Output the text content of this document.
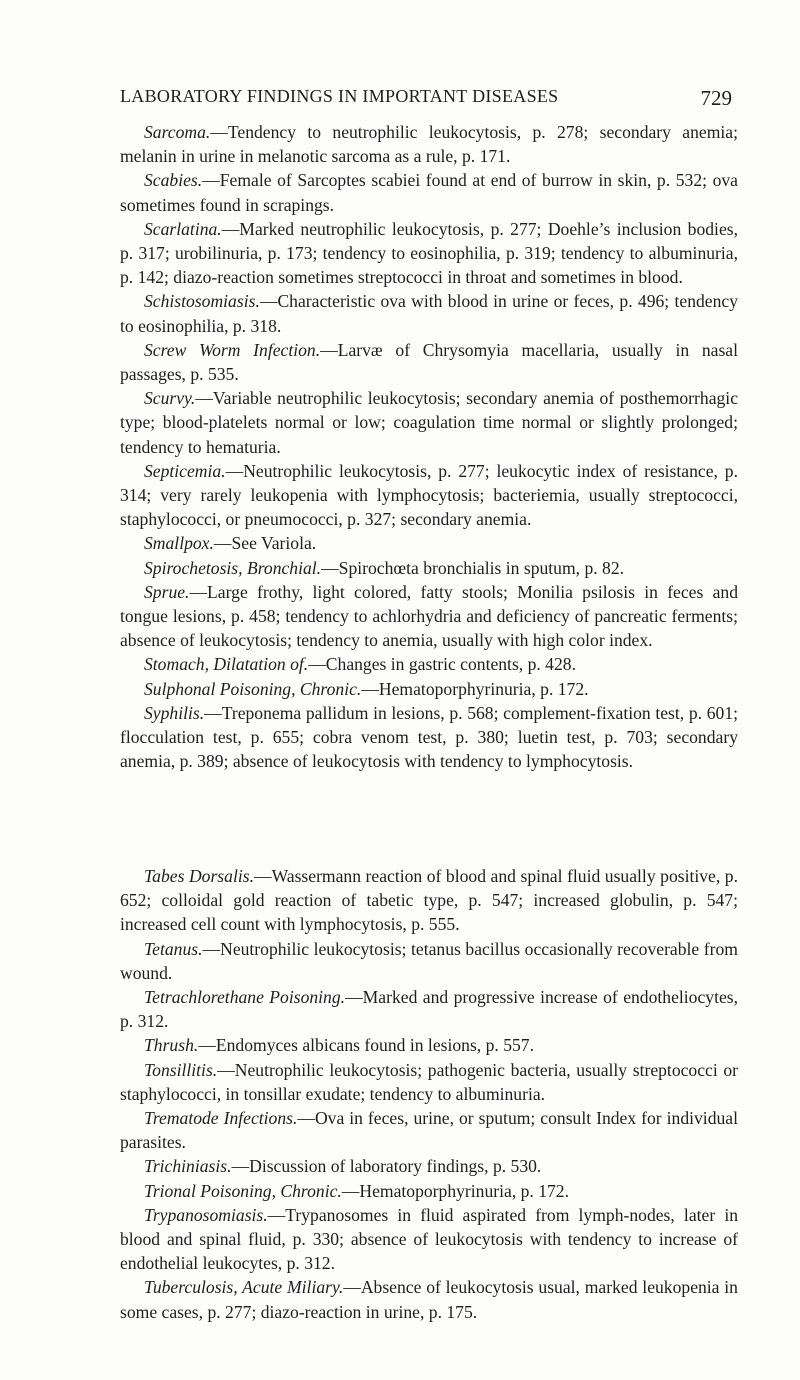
LABORATORY FINDINGS IN IMPORTANT DISEASES	729

Sarcoma.—Tendency to neutrophilic leukocytosis, p. 278; secondary anemia; melanin in urine in melanotic sarcoma as a rule, p. 171.

Scabies.—Female of Sarcoptes scabiei found at end of burrow in skin, p. 532; ova sometimes found in scrapings.

Scarlatina.—Marked neutrophilic leukocytosis, p. 277; Doehle’s inclusion bodies, p. 317; urobilinuria, p. 173; tendency to eosinophilia, p. 319; tendency to albuminuria, p. 142; diazo-reaction sometimes streptococci in throat and sometimes in blood.

Schistosomiasis.—Characteristic ova with blood in urine or feces, p. 496; tendency to eosinophilia, p. 318.

Screw Worm Infection.—Larvæ of Chrysomyia macellaria, usually in nasal passages, p. 535.

Scurvy.—Variable neutrophilic leukocytosis; secondary anemia of posthemorrhagic type; blood-platelets normal or low; coagulation time normal or slightly prolonged; tendency to hematuria.

Septicemia.—Neutrophilic leukocytosis, p. 277; leukocytic index of resistance, p. 314; very rarely leukopenia with lymphocytosis; bacteriemia, usually streptococci, staphylococci, or pneumococci, p. 327; secondary anemia.

Smallpox.—See Variola.

Spirochetosis, Bronchial.—Spirochœta bronchialis in sputum, p. 82.

Sprue.—Large frothy, light colored, fatty stools; Monilia psilosis in feces and tongue lesions, p. 458; tendency to achlorhydria and deficiency of pancreatic ferments; absence of leukocytosis; tendency to anemia, usually with high color index.

Stomach, Dilatation of.—Changes in gastric contents, p. 428.

Sulphonal Poisoning, Chronic.—Hematoporphyrinuria, p. 172.

Syphilis.—Treponema pallidum in lesions, p. 568; complement-fixation test, p. 601; flocculation test, p. 655; cobra venom test, p. 380; luetin test, p. 703; secondary anemia, p. 389; absence of leukocytosis with tendency to lymphocytosis.

Tabes Dorsalis.—Wassermann reaction of blood and spinal fluid usually positive, p. 652; colloidal gold reaction of tabetic type, p. 547; increased globulin, p. 547; increased cell count with lymphocytosis, p. 555.

Tetanus.—Neutrophilic leukocytosis; tetanus bacillus occasionally recoverable from wound.

Tetrachlorethane Poisoning.—Marked and progressive increase of endotheliocytes, p. 312.

Thrush.—Endomyces albicans found in lesions, p. 557.

Tonsillitis.—Neutrophilic leukocytosis; pathogenic bacteria, usually streptococci or staphylococci, in tonsillar exudate; tendency to albuminuria.

Trematode Infections.—Ova in feces, urine, or sputum; consult Index for individual parasites.

Trichiniasis.—Discussion of laboratory findings, p. 530.

Trional Poisoning, Chronic.—Hematoporphyrinuria, p. 172.

Trypanosomiasis.—Trypanosomes in fluid aspirated from lymph-nodes, later in blood and spinal fluid, p. 330; absence of leukocytosis with tendency to increase of endothelial leukocytes, p. 312.

Tuberculosis, Acute Miliary.—Absence of leukocytosis usual, marked leukopenia in some cases, p. 277; diazo-reaction in urine, p. 175.
